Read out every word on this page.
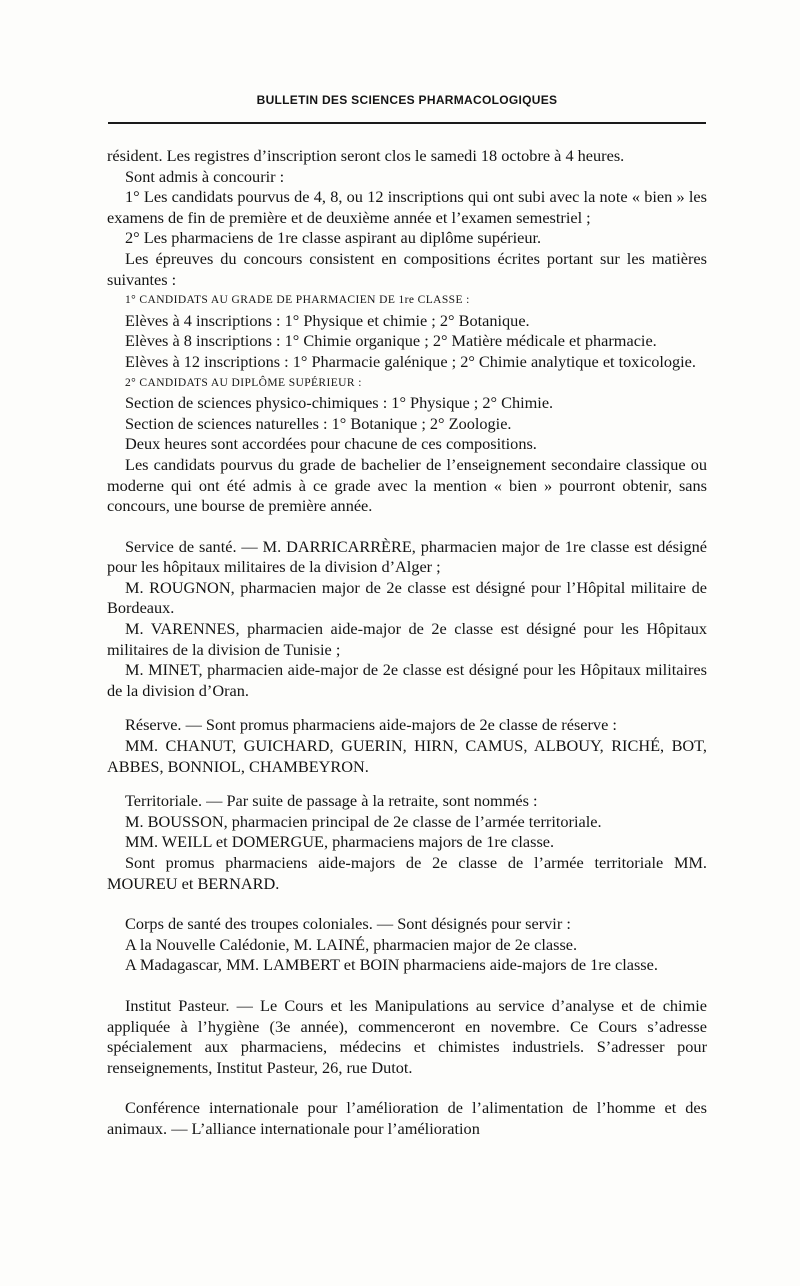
BULLETIN DES SCIENCES PHARMACOLOGIQUES

résident. Les registres d’inscription seront clos le samedi 18 octobre à 4 heures.

Sont admis à concourir :

1° Les candidats pourvus de 4, 8, ou 12 inscriptions qui ont subi avec la note « bien » les examens de fin de première et de deuxième année et l’examen semestriel ;

2° Les pharmaciens de 1re classe aspirant au diplôme supérieur.

Les épreuves du concours consistent en compositions écrites portant sur les matières suivantes :

1° CANDIDATS AU GRADE DE PHARMACIEN DE 1re CLASSE :

Elèves à 4 inscriptions : 1° Physique et chimie ; 2° Botanique.

Elèves à 8 inscriptions : 1° Chimie organique ; 2° Matière médicale et pharmacie.

Elèves à 12 inscriptions : 1° Pharmacie galénique ; 2° Chimie analytique et toxicologie.

2° CANDIDATS AU DIPLÔME SUPÉRIEUR :

Section de sciences physico-chimiques : 1° Physique ; 2° Chimie.

Section de sciences naturelles : 1° Botanique ; 2° Zoologie.

Deux heures sont accordées pour chacune de ces compositions.

Les candidats pourvus du grade de bachelier de l’enseignement secondaire classique ou moderne qui ont été admis à ce grade avec la mention « bien » pourront obtenir, sans concours, une bourse de première année.

Service de santé. — M. DARRICARRÈRE, pharmacien major de 1re classe est désigné pour les hôpitaux militaires de la division d’Alger ;

M. ROUGNON, pharmacien major de 2e classe est désigné pour l’Hôpital militaire de Bordeaux.

M. VARENNES, pharmacien aide-major de 2e classe est désigné pour les Hôpitaux militaires de la division de Tunisie ;

M. MINET, pharmacien aide-major de 2e classe est désigné pour les Hôpitaux militaires de la division d’Oran.

Réserve. — Sont promus pharmaciens aide-majors de 2e classe de réserve :

MM. CHANUT, GUICHARD, GUERIN, HIRN, CAMUS, ALBOUY, RICHÉ, BOT, ABBES, BONNIOL, CHAMBEYRON.

Territoriale. — Par suite de passage à la retraite, sont nommés :

M. BOUSSON, pharmacien principal de 2e classe de l’armée territoriale.

MM. WEILL et DOMERGUE, pharmaciens majors de 1re classe.

Sont promus pharmaciens aide-majors de 2e classe de l’armée territoriale MM. MOUREU et BERNARD.

Corps de santé des troupes coloniales. — Sont désignés pour servir :

A la Nouvelle Calédonie, M. LAINÉ, pharmacien major de 2e classe.

A Madagascar, MM. LAMBERT et BOIN pharmaciens aide-majors de 1re classe.

Institut Pasteur. — Le Cours et les Manipulations au service d’analyse et de chimie appliquée à l’hygiène (3e année), commenceront en novembre. Ce Cours s’adresse spécialement aux pharmaciens, médecins et chimistes industriels. S’adresser pour renseignements, Institut Pasteur, 26, rue Dutot.

Conférence internationale pour l’amélioration de l’alimentation de l’homme et des animaux. — L’alliance internationale pour l’amélioration
